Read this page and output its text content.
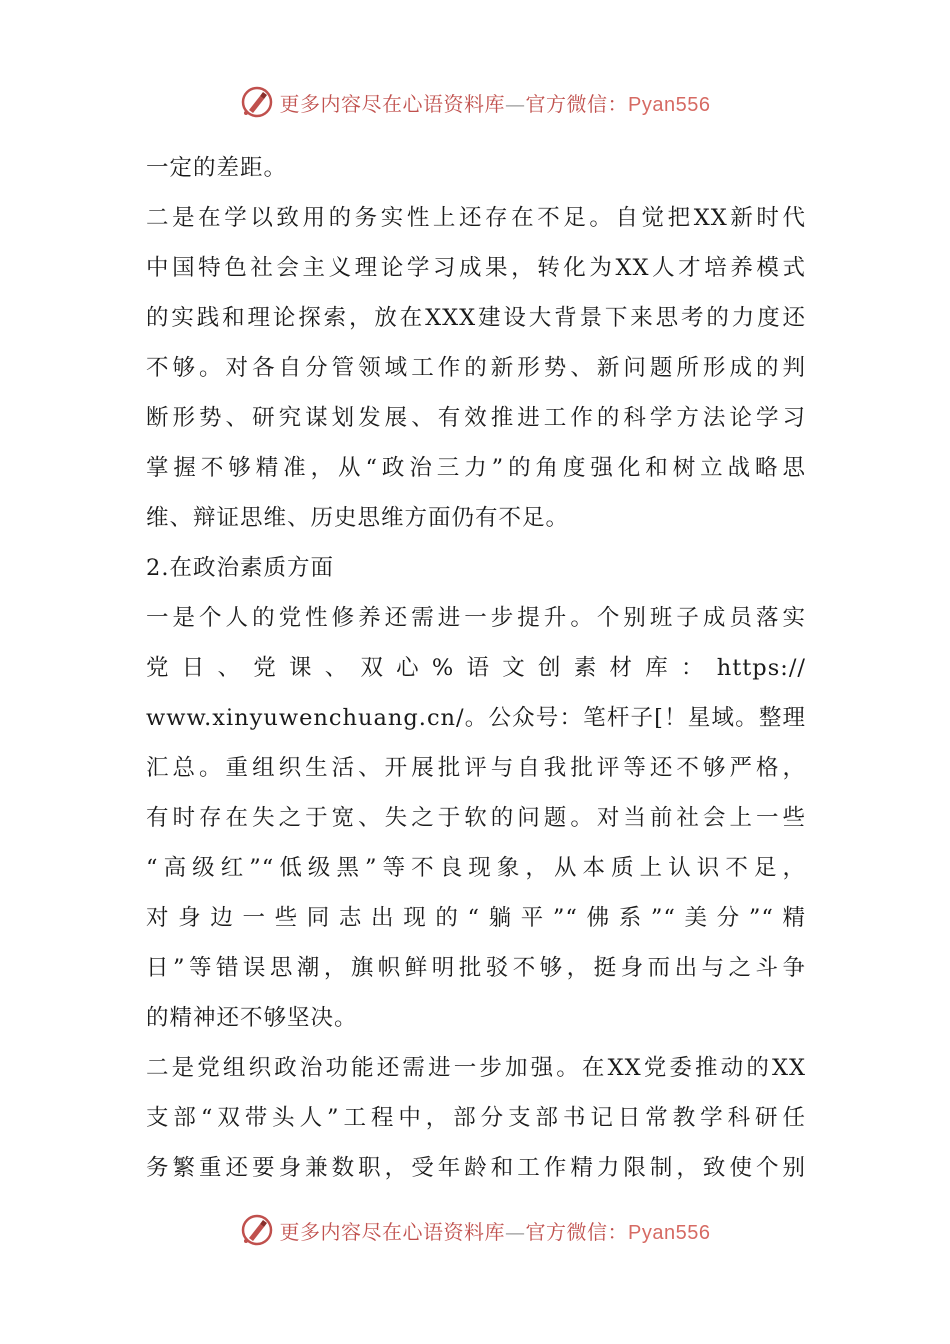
更多内容尽在心语资料库—官方微信：Pyan556
一定的差距。
二是在学以致用的务实性上还存在不足。自觉把XX新时代
中国特色社会主义理论学习成果，转化为XX人才培养模式
的实践和理论探索，放在XXX建设大背景下来思考的力度还
不够。对各自分管领域工作的新形势、新问题所形成的判
断形势、研究谋划发展、有效推进工作的科学方法论学习
掌握不够精准，从“政治三力”的角度强化和树立战略思
维、辩证思维、历史思维方面仍有不足。
2.在政治素质方面
一是个人的党性修养还需进一步提升。个别班子成员落实
党日、党课、双心%语文创素材库：https://
www.xinyuwenchuang.cn/。公众号：笔杆子[！星域。整理
汇总。重组织生活、开展批评与自我批评等还不够严格，
有时存在失之于宽、失之于软的问题。对当前社会上一些
“高级红”“低级黑”等不良现象，从本质上认识不足，
对身边一些同志出现的“躺平”“佛系”“美分”“精
日”等错误思潮，旗帜鲜明批驳不够，挺身而出与之斗争
的精神还不够坚决。
二是党组织政治功能还需进一步加强。在XX党委推动的XX
支部“双带头人”工程中，部分支部书记日常教学科研任
务繁重还要身兼数职，受年龄和工作精力限制，致使个别
更多内容尽在心语资料库—官方微信：Pyan556
